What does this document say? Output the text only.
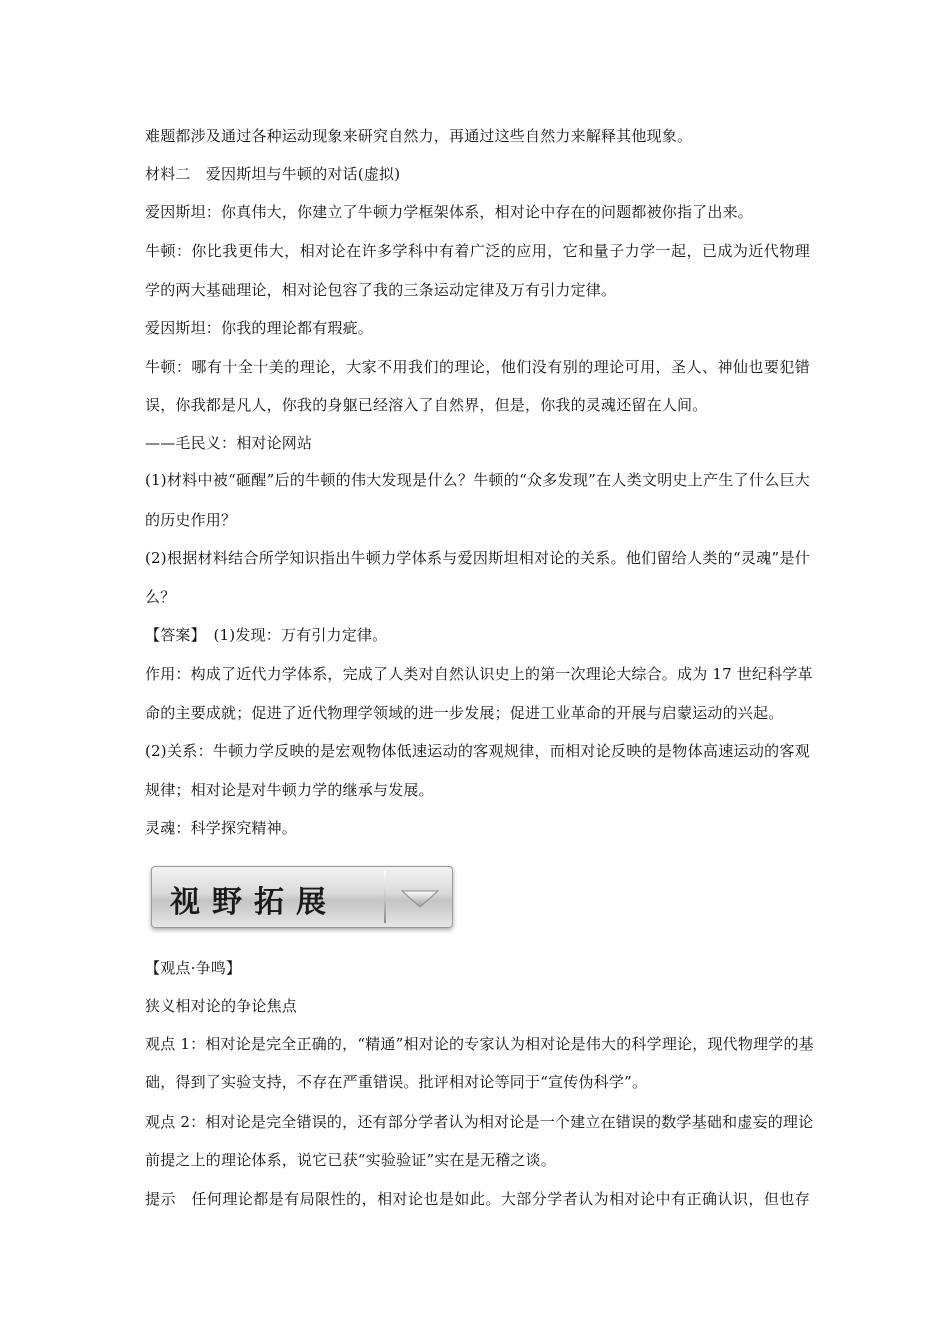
难题都涉及通过各种运动现象来研究自然力，再通过这些自然力来解释其他现象。
材料二　爱因斯坦与牛顿的对话(虚拟)
爱因斯坦：你真伟大，你建立了牛顿力学框架体系，相对论中存在的问题都被你指了出来。
牛顿：你比我更伟大，相对论在许多学科中有着广泛的应用，它和量子力学一起，已成为近代物理
学的两大基础理论，相对论包容了我的三条运动定律及万有引力定律。
爱因斯坦：你我的理论都有瑕疵。
牛顿：哪有十全十美的理论，大家不用我们的理论，他们没有别的理论可用，圣人、神仙也要犯错
误，你我都是凡人，你我的身躯已经溶入了自然界，但是，你我的灵魂还留在人间。
——毛民义：相对论网站
(1)材料中被“砸醒”后的牛顿的伟大发现是什么？牛顿的“众多发现”在人类文明史上产生了什么巨大
的历史作用？
(2)根据材料结合所学知识指出牛顿力学体系与爱因斯坦相对论的关系。他们留给人类的“灵魂”是什
么？
【答案】　(1)发现：万有引力定律。
作用：构成了近代力学体系，完成了人类对自然认识史上的第一次理论大综合。成为 17 世纪科学革
命的主要成就；促进了近代物理学领域的进一步发展；促进工业革命的开展与启蒙运动的兴起。
(2)关系：牛顿力学反映的是宏观物体低速运动的客观规律，而相对论反映的是物体高速运动的客观
规律；相对论是对牛顿力学的继承与发展。
灵魂：科学探究精神。
视野拓展
【观点·争鸣】
狭义相对论的争论焦点
观点 1：相对论是完全正确的，“精通”相对论的专家认为相对论是伟大的科学理论，现代物理学的基
础，得到了实验支持，不存在严重错误。批评相对论等同于“宣传伪科学”。
观点 2：相对论是完全错误的，还有部分学者认为相对论是一个建立在错误的数学基础和虚妄的理论
前提之上的理论体系，说它已获“实验验证”实在是无稽之谈。
提示　任何理论都是有局限性的，相对论也是如此。大部分学者认为相对论中有正确认识，但也存
